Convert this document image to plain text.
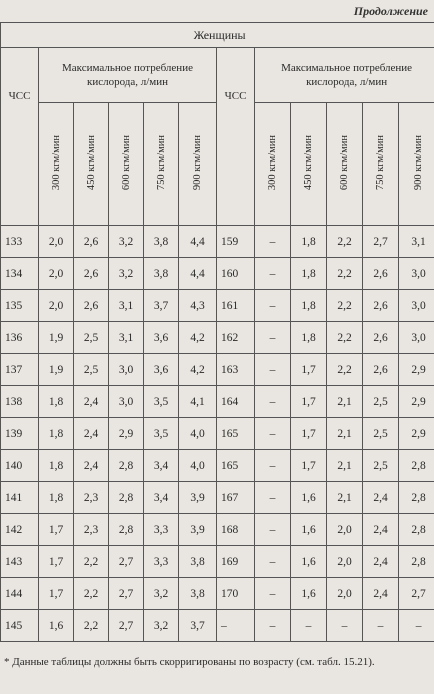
Продолжение
Женщины											
ЧСС	Максимальное потребление кислорода, л/мин					ЧСС	Максимальное потребление кислорода, л/мин				

	300 кгм/мин	450 кгм/мин	600 кгм/мин	750 кгм/мин	900 кгм/мин		300 кгм/мин	450 кгм/мин	600 кгм/мин	750 кгм/мин	900 кгм/мин
133	2,0	2,6	3,2	3,8	4,4	159	–	1,8	2,2	2,7	3,1
134	2,0	2,6	3,2	3,8	4,4	160	–	1,8	2,2	2,6	3,0
135	2,0	2,6	3,1	3,7	4,3	161	–	1,8	2,2	2,6	3,0
136	1,9	2,5	3,1	3,6	4,2	162	–	1,8	2,2	2,6	3,0
137	1,9	2,5	3,0	3,6	4,2	163	–	1,7	2,2	2,6	2,9
138	1,8	2,4	3,0	3,5	4,1	164	–	1,7	2,1	2,5	2,9
139	1,8	2,4	2,9	3,5	4,0	165	–	1,7	2,1	2,5	2,9
140	1,8	2,4	2,8	3,4	4,0	165	–	1,7	2,1	2,5	2,8
141	1,8	2,3	2,8	3,4	3,9	167	–	1,6	2,1	2,4	2,8
142	1,7	2,3	2,8	3,3	3,9	168	–	1,6	2,0	2,4	2,8
143	1,7	2,2	2,7	3,3	3,8	169	–	1,6	2,0	2,4	2,8
144	1,7	2,2	2,7	3,2	3,8	170	–	1,6	2,0	2,4	2,7
145	1,6	2,2	2,7	3,2	3,7	–	–	–	–	–	–
* Данные таблицы должны быть скорригированы по возрасту (см. табл. 15.21).
